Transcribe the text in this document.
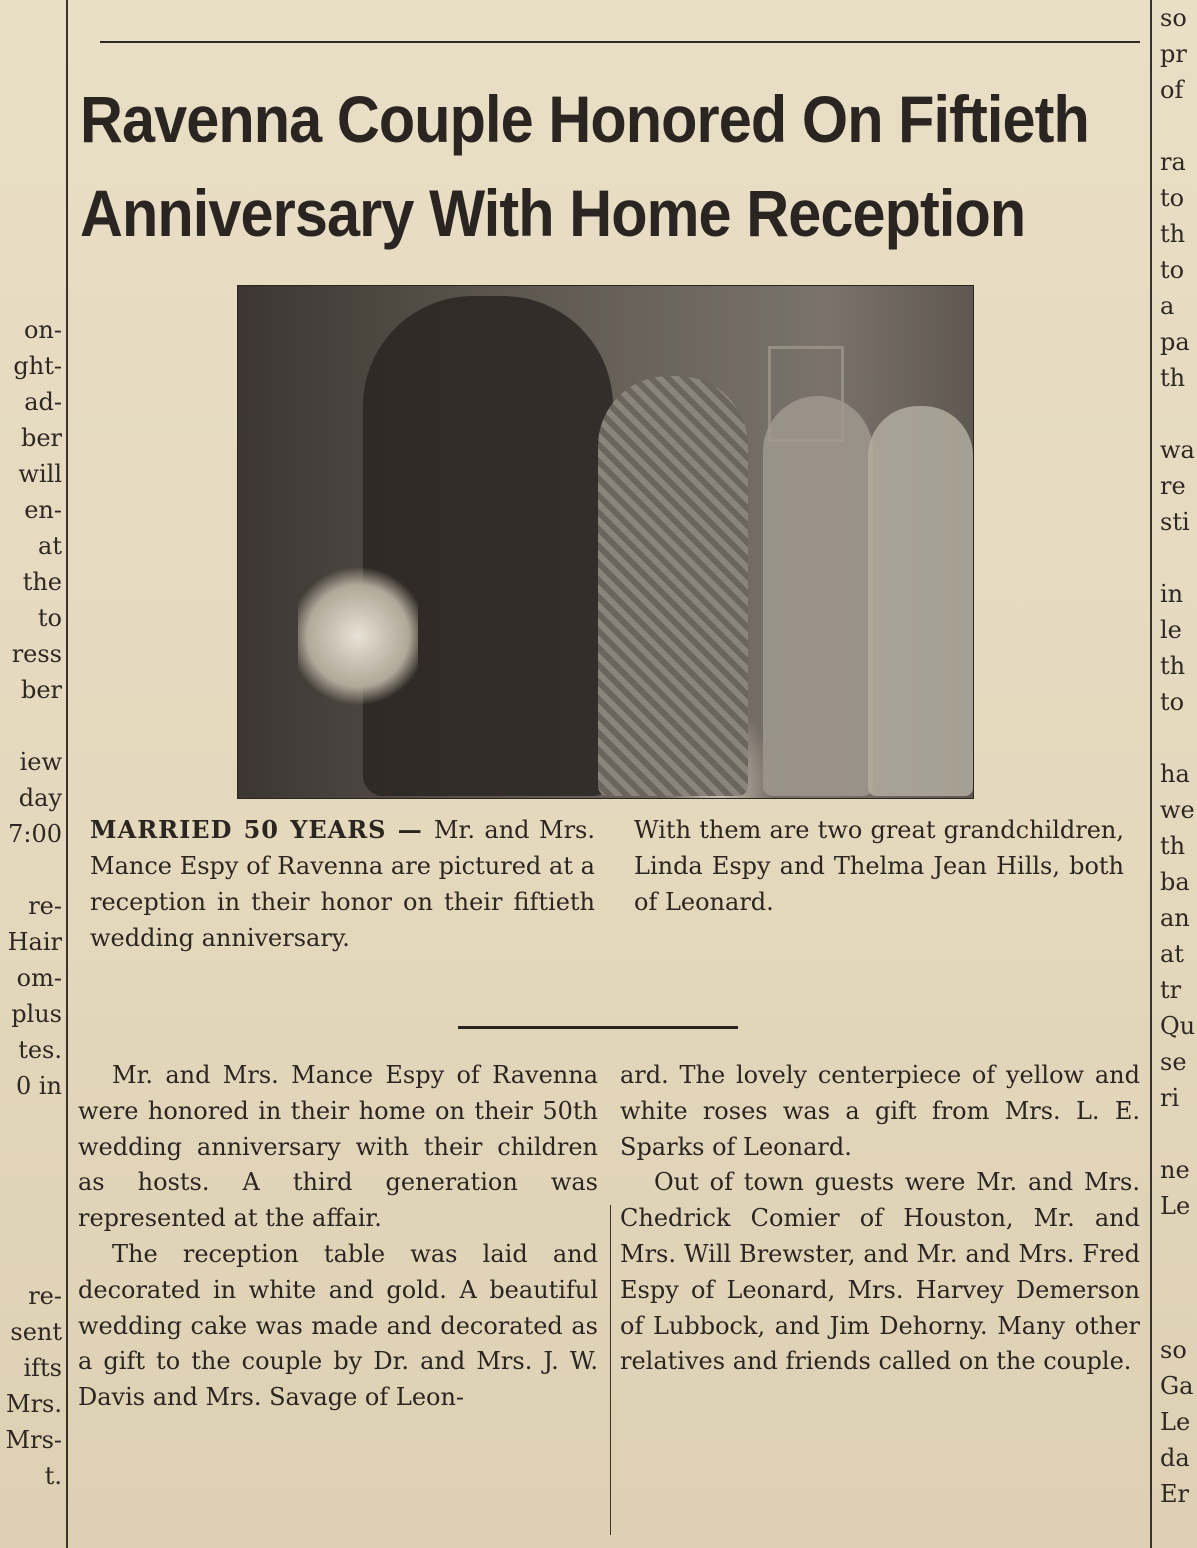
on-
ght-
ad-
ber
will
en-
at
the
to
ress
ber

iew
day
7:00

re-
Hair
om-
plus
tes.
0 in
re-
sent
ifts
Mrs.
Mrs-
t.
so
pr
of

ra
to
th
to
a
pa
th

wa
re
sti

in
le
th
to

ha
we
th
ba
an
at
tr
Qu
se
ri

ne
Le

so
Ga
Le
da
Er
Ravenna Couple Honored On Fiftieth
Anniversary With Home Reception
MARRIED 50 YEARS — Mr. and Mrs. Mance Espy of Ravenna are pictured at a reception in their honor on their fiftieth wedding anniversary.
With them are two great grandchildren, Linda Espy and Thelma Jean Hills, both of Leonard.

Mr. and Mrs. Mance Espy of Ravenna were honored in their home on their 50th wedding anniversary with their children as hosts. A third generation was represented at the affair.

The reception table was laid and decorated in white and gold. A beautiful wedding cake was made and decorated as a gift to the couple by Dr. and Mrs. J. W. Davis and Mrs. Savage of Leon-

ard. The lovely centerpiece of yellow and white roses was a gift from Mrs. L. E. Sparks of Leonard.

Out of town guests were Mr. and Mrs. Chedrick Comier of Houston, Mr. and Mrs. Will Brewster, and Mr. and Mrs. Fred Espy of Leonard, Mrs. Harvey Demerson of Lubbock, and Jim Dehorny. Many other relatives and friends called on the couple.
